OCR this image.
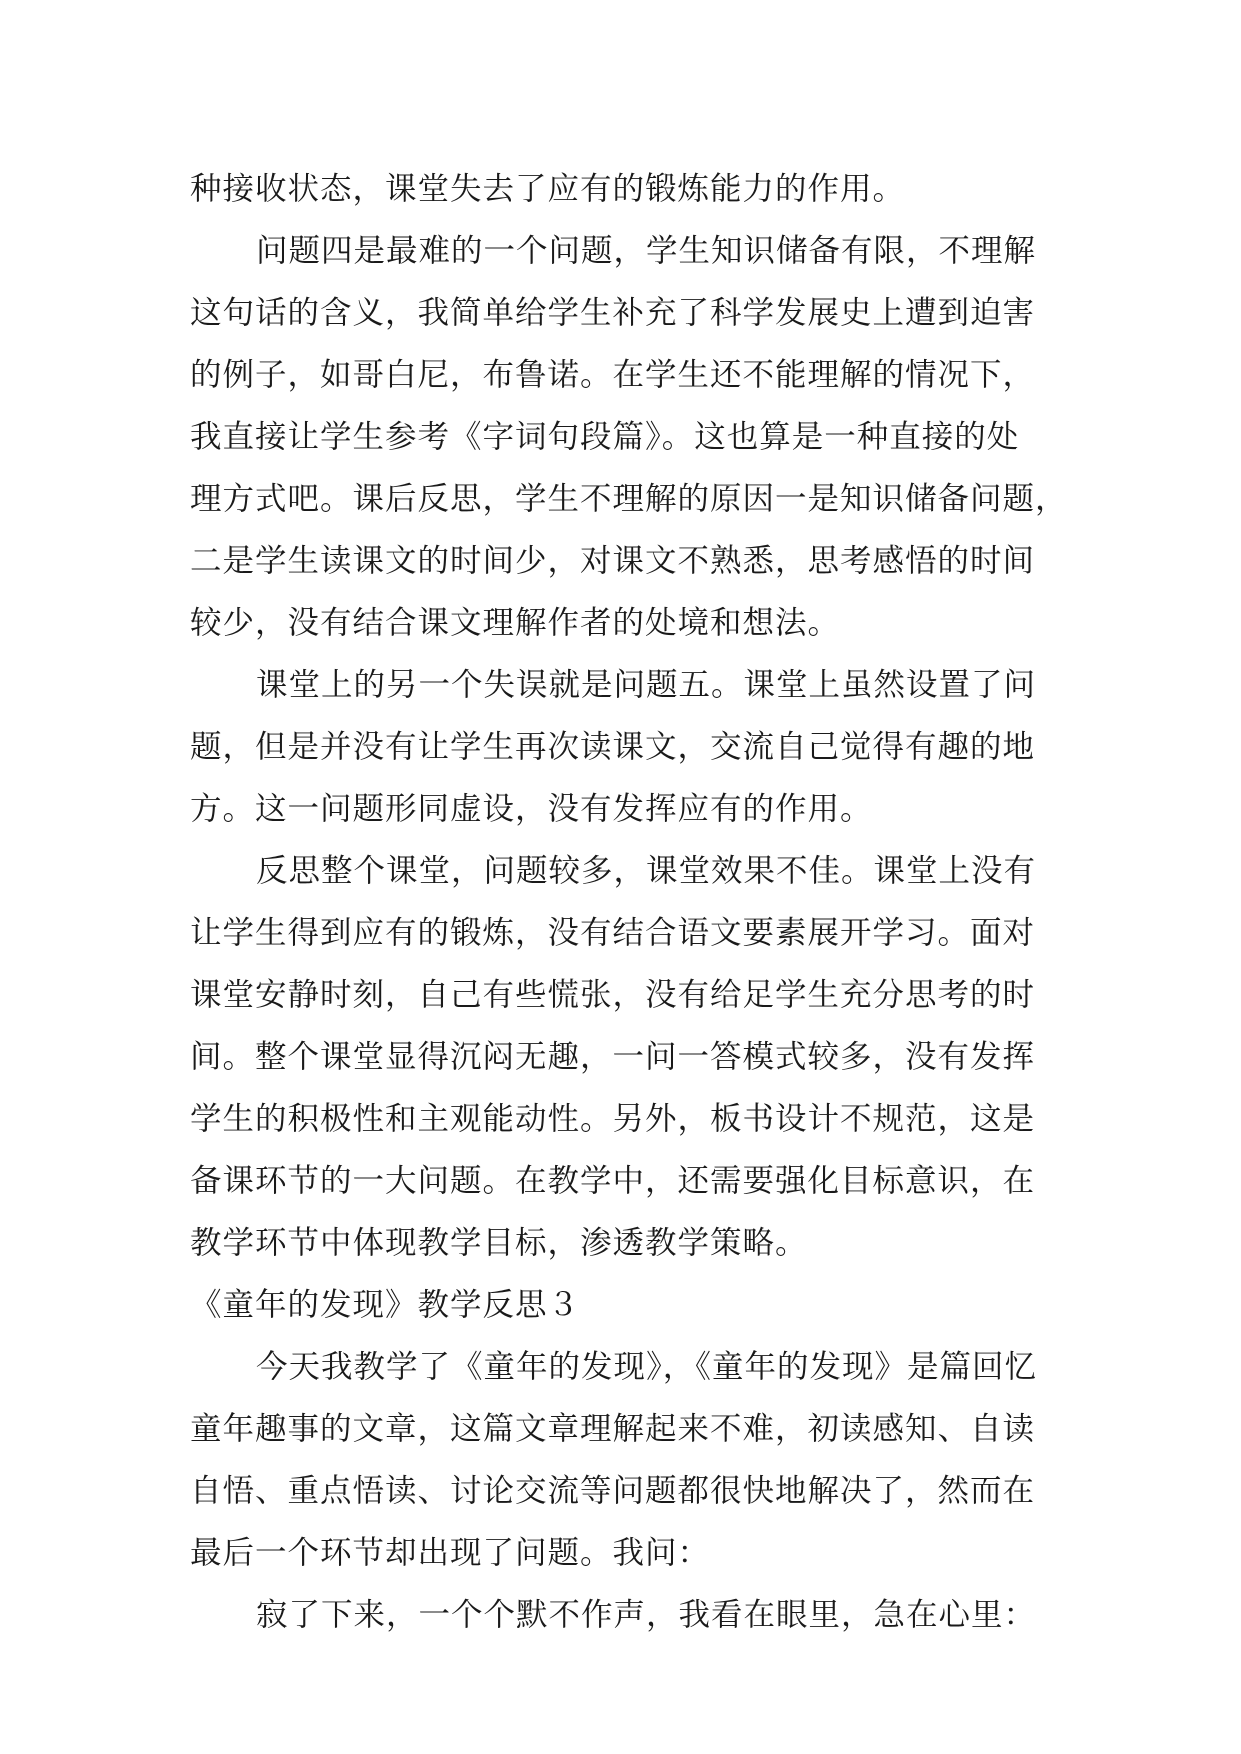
种接收状态，课堂失去了应有的锻炼能力的作用。
问题四是最难的一个问题，学生知识储备有限，不理解
这句话的含义，我简单给学生补充了科学发展史上遭到迫害
的例子，如哥白尼，布鲁诺。在学生还不能理解的情况下，
我直接让学生参考《字词句段篇》。这也算是一种直接的处
理方式吧。课后反思，学生不理解的原因一是知识储备问题，
二是学生读课文的时间少，对课文不熟悉，思考感悟的时间
较少，没有结合课文理解作者的处境和想法。
课堂上的另一个失误就是问题五。课堂上虽然设置了问
题，但是并没有让学生再次读课文，交流自己觉得有趣的地
方。这一问题形同虚设，没有发挥应有的作用。
反思整个课堂，问题较多，课堂效果不佳。课堂上没有
让学生得到应有的锻炼，没有结合语文要素展开学习。面对
课堂安静时刻，自己有些慌张，没有给足学生充分思考的时
间。整个课堂显得沉闷无趣，一问一答模式较多，没有发挥
学生的积极性和主观能动性。另外，板书设计不规范，这是
备课环节的一大问题。在教学中，还需要强化目标意识，在
教学环节中体现教学目标，渗透教学策略。
《童年的发现》教学反思３
今天我教学了《童年的发现》，《童年的发现》是篇回忆
童年趣事的文章，这篇文章理解起来不难，初读感知、自读
自悟、重点悟读、讨论交流等问题都很快地解决了，然而在
最后一个环节却出现了问题。我问：
寂了下来，一个个默不作声，我看在眼里，急在心里：
